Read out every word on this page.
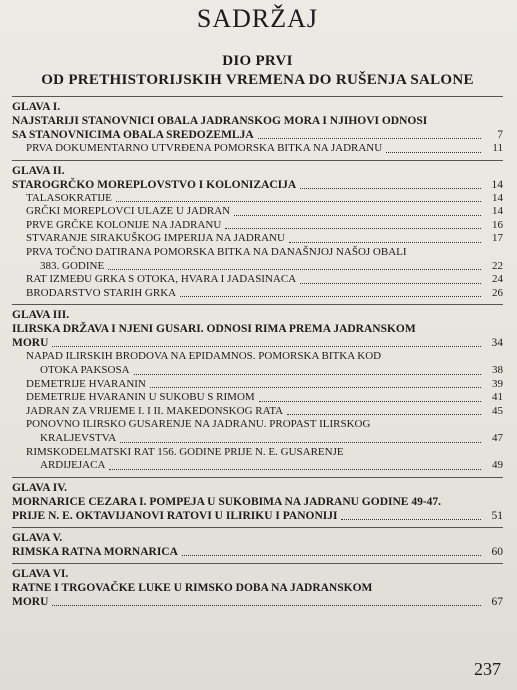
SADRŽAJ
DIO PRVI
OD PRETHISTORIJSKIH VREMENA DO RUŠENJA SALONE
GLAVA I.
NAJSTARIJI STANOVNICI OBALA JADRANSKOG MORA I NJIHOVI ODNOSI
SA STANOVNICIMA OBALA SREDOZEMLJA	7
PRVA DOKUMENTARNO UTVRĐENA POMORSKA BITKA NA JADRANU	11
GLAVA II.
STAROGRČKO MOREPLOVSTVO I KOLONIZACIJA	14
TALASOKRATIJE	14
GRČKI MOREPLOVCI ULAZE U JADRAN	14
PRVE GRČKE KOLONIJE NA JADRANU	16
STVARANJE SIRAKUŠKOG IMPERIJA NA JADRANU	17
PRVA TOČNO DATIRANA POMORSKA BITKA NA DANAŠNJOJ NAŠOJ OBALI
383. GODINE	22
RAT IZMEĐU GRKA S OTOKA, HVARA I JADASINACA	24
BRODARSTVO STARIH GRKA	26
GLAVA III.
ILIRSKA DRŽAVA I NJENI GUSARI. ODNOSI RIMA PREMA JADRANSKOM
MORU	34
NAPAD ILIRSKIH BRODOVA NA EPIDAMNOS. POMORSKA BITKA KOD
OTOKA PAKSOSA	38
DEMETRIJE HVARANIN	39
DEMETRIJE HVARANIN U SUKOBU S RIMOM	41
JADRAN ZA VRIJEME I. I II. MAKEDONSKOG RATA	45
PONOVNO ILIRSKO GUSARENJE NA JADRANU. PROPAST ILIRSKOG
KRALJEVSTVA	47
RIMSKODELMATSKI RAT 156. GODINE PRIJE N. E. GUSARENJE
ARDIJEJACA	49
GLAVA IV.
MORNARICE CEZARA I. POMPEJA U SUKOBIMA NA JADRANU GODINE 49-47.
PRIJE N. E. OKTAVIJANOVI RATOVI U ILIRIKU I PANONIJI	51
GLAVA V.
RIMSKA RATNA MORNARICA	60
GLAVA VI.
RATNE I TRGOVAČKE LUKE U RIMSKO DOBA NA JADRANSKOM
MORU	67
237
